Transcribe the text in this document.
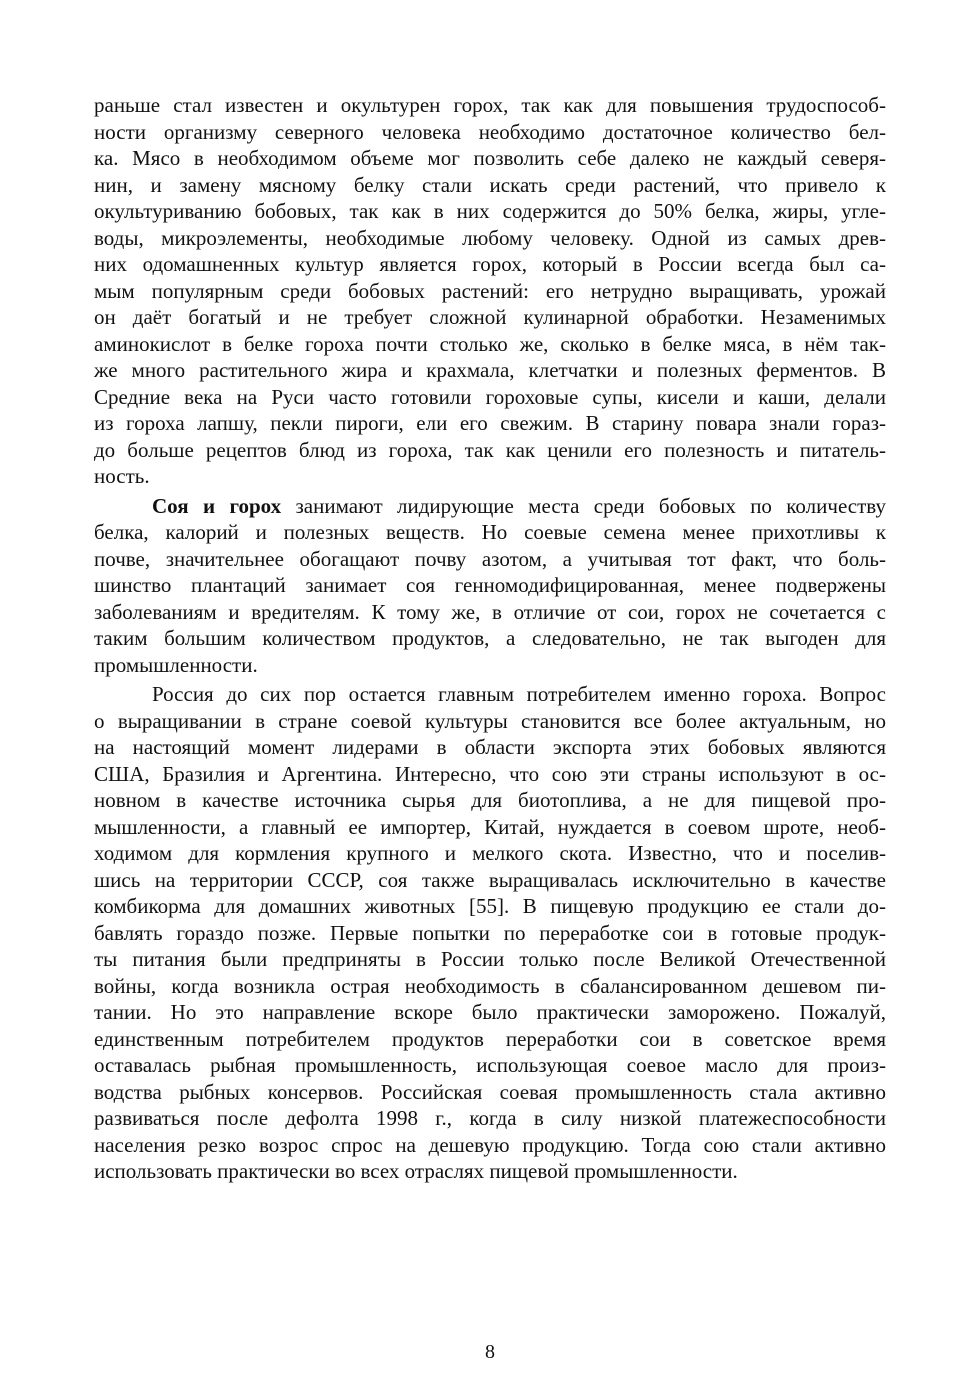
раньше стал известен и окультурен горох, так как для повышения трудоспособ-
ности организму северного человека необходимо достаточное количество бел-
ка. Мясо в необходимом объеме мог позволить себе далеко не каждый северя-
нин, и замену мясному белку стали искать среди растений, что привело к
окультуриванию бобовых, так как в них содержится до 50% белка, жиры, угле-
воды, микроэлементы, необходимые любому человеку. Одной из самых древ-
них одомашненных культур является горох, который в России всегда был са-
мым популярным среди бобовых растений: его нетрудно выращивать, урожай
он даёт богатый и не требует сложной кулинарной обработки. Незаменимых
аминокислот в белке гороха почти столько же, сколько в белке мяса, в нём так-
же много растительного жира и крахмала, клетчатки и полезных ферментов. В
Средние века на Руси часто готовили гороховые супы, кисели и каши, делали
из гороха лапшу, пекли пироги, ели его свежим. В старину повара знали гораз-
до больше рецептов блюд из гороха, так как ценили его полезность и питатель-
ность.
Соя и горох занимают лидирующие места среди бобовых по количеству
белка, калорий и полезных веществ. Но соевые семена менее прихотливы к
почве, значительнее обогащают почву азотом, а учитывая тот факт, что боль-
шинство плантаций занимает соя генномодифицированная, менее подвержены
заболеваниям и вредителям. К тому же, в отличие от сои, горох не сочетается с
таким большим количеством продуктов, а следовательно, не так выгоден для
промышленности.
Россия до сих пор остается главным потребителем именно гороха. Вопрос
о выращивании в стране соевой культуры становится все более актуальным, но
на настоящий момент лидерами в области экспорта этих бобовых являются
США, Бразилия и Аргентина. Интересно, что сою эти страны используют в ос-
новном в качестве источника сырья для биотоплива, а не для пищевой про-
мышленности, а главный ее импортер, Китай, нуждается в соевом шроте, необ-
ходимом для кормления крупного и мелкого скота. Известно, что и поселив-
шись на территории СССР, соя также выращивалась исключительно в качестве
комбикорма для домашних животных [55]. В пищевую продукцию ее стали до-
бавлять гораздо позже. Первые попытки по переработке сои в готовые продук-
ты питания были предприняты в России только после Великой Отечественной
войны, когда возникла острая необходимость в сбалансированном дешевом пи-
тании. Но это направление вскоре было практически заморожено. Пожалуй,
единственным потребителем продуктов переработки сои в советское время
оставалась рыбная промышленность, использующая соевое масло для произ-
водства рыбных консервов. Российская соевая промышленность стала активно
развиваться после дефолта 1998 г., когда в силу низкой платежеспособности
населения резко возрос спрос на дешевую продукцию. Тогда сою стали активно
использовать практически во всех отраслях пищевой промышленности.
8
